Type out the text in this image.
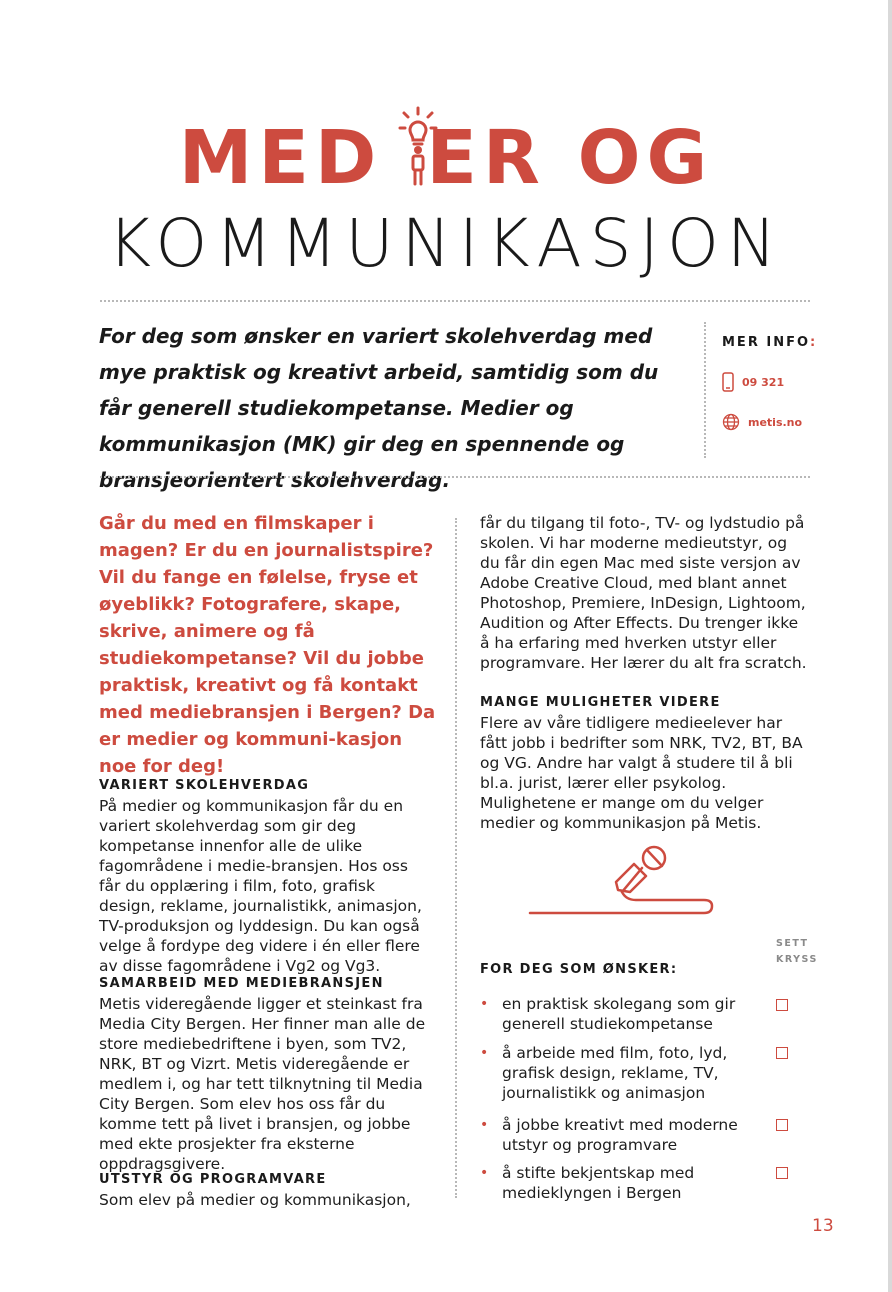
MED ER OG
KOMMUNIKASJON
For deg som ønsker en variert skolehverdag med mye praktisk og kreativt arbeid, samtidig som du får generell studiekompetanse. Medier og kommunikasjon (MK) gir deg en spennende og bransjeorientert skolehverdag.
MER INFO:
09 321
metis.no
Går du med en filmskaper i magen? Er du en journalistspire? Vil du fange en følelse, fryse et øyeblikk? Fotografere, skape, skrive, animere og få studiekompetanse? Vil du jobbe praktisk, kreativt og få kontakt med mediebransjen i Bergen? Da er medier og kommuni-kasjon noe for deg!
VARIERT SKOLEHVERDAG
På medier og kommunikasjon får du en variert skolehverdag som gir deg kompetanse innenfor alle de ulike fagområdene i medie-bransjen. Hos oss får du opplæring i film, foto, grafisk design, reklame, journalistikk, animasjon, TV-produksjon og lyddesign. Du kan også velge å fordype deg videre i én eller flere av disse fagområdene i Vg2 og Vg3.
SAMARBEID MED MEDIEBRANSJEN
Metis videregående ligger et steinkast fra Media City Bergen. Her finner man alle de store mediebedriftene i byen, som TV2, NRK, BT og Vizrt. Metis videregående er medlem i, og har tett tilknytning til Media City Bergen. Som elev hos oss får du komme tett på livet i bransjen, og jobbe med ekte prosjekter fra eksterne oppdragsgivere.
UTSTYR OG PROGRAMVARE
Som elev på medier og kommunikasjon,
får du tilgang til foto-, TV- og lydstudio på skolen. Vi har moderne medieutstyr, og du får din egen Mac med siste versjon av Adobe Creative Cloud, med blant annet Photoshop, Premiere, InDesign, Lightoom, Audition og After Effects. Du trenger ikke å ha erfaring med hverken utstyr eller programvare. Her lærer du alt fra scratch.
MANGE MULIGHETER VIDERE
Flere av våre tidligere medieelever har fått jobb i bedrifter som NRK, TV2, BT, BA og VG. Andre har valgt å studere til å bli bl.a. jurist, lærer eller psykolog. Mulighetene er mange om du velger medier og kommunikasjon på Metis.
SETT KRYSS
FOR DEG SOM ØNSKER:
• en praktisk skolegang som gir generell studiekompetanse
• å arbeide med film, foto, lyd, grafisk design, reklame, TV, journalistikk og animasjon
• å jobbe kreativt med moderne utstyr og programvare
• å stifte bekjentskap med medieklyngen i Bergen
13
